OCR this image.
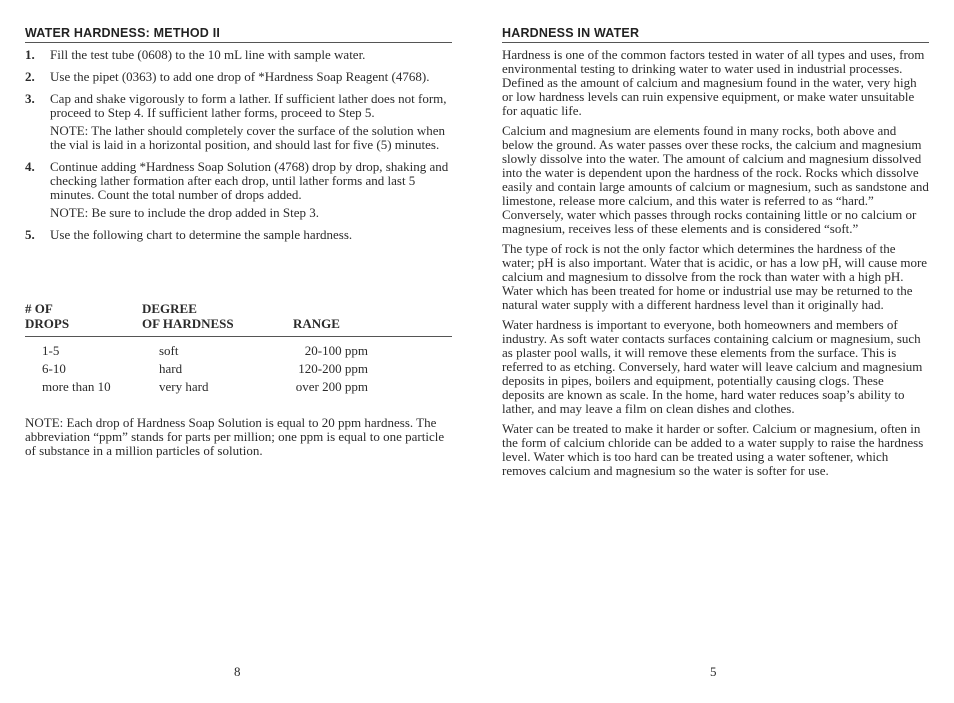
WATER HARDNESS: METHOD II
1. Fill the test tube (0608) to the 10 mL line with sample water.
2. Use the pipet (0363) to add one drop of *Hardness Soap Reagent (4768).
3. Cap and shake vigorously to form a lather. If sufficient lather does not form, proceed to Step 4. If sufficient lather forms, proceed to Step 5.
NOTE: The lather should completely cover the surface of the solution when the vial is laid in a horizontal position, and should last for five (5) minutes.
4. Continue adding *Hardness Soap Solution (4768) drop by drop, shaking and checking lather formation after each drop, until lather forms and last 5 minutes. Count the total number of drops added.
NOTE: Be sure to include the drop added in Step 3.
5. Use the following chart to determine the sample hardness.
# OF
DROPS
DEGREE
OF HARDNESS	RANGE
1-5	soft	20-100 ppm
6-10	hard	120-200 ppm
more than 10	very hard	over 200 ppm
NOTE: Each drop of Hardness Soap Solution is equal to 20 ppm hardness. The abbreviation “ppm” stands for parts per million; one ppm is equal to one particle of substance in a million particles of solution.
8
HARDNESS IN WATER

Hardness is one of the common factors tested in water of all types and uses, from environmental testing to drinking water to water used in industrial processes. Defined as the amount of calcium and magnesium found in the water, very high or low hardness levels can ruin expensive equipment, or make water unsuitable for aquatic life.

Calcium and magnesium are elements found in many rocks, both above and below the ground. As water passes over these rocks, the calcium and magnesium slowly dissolve into the water. The amount of calcium and magnesium dissolved into the water is dependent upon the hardness of the rock. Rocks which dissolve easily and contain large amounts of calcium or magnesium, such as sandstone and limestone, release more calcium, and this water is referred to as “hard.” Conversely, water which passes through rocks containing little or no calcium or magnesium, receives less of these elements and is considered “soft.”

The type of rock is not the only factor which determines the hardness of the water; pH is also important. Water that is acidic, or has a low pH, will cause more calcium and magnesium to dissolve from the rock than water with a high pH. Water which has been treated for home or industrial use may be returned to the natural water supply with a different hardness level than it originally had.

Water hardness is important to everyone, both homeowners and members of industry. As soft water contacts surfaces containing calcium or magnesium, such as plaster pool walls, it will remove these elements from the surface. This is referred to as etching. Conversely, hard water will leave calcium and magnesium deposits in pipes, boilers and equipment, potentially causing clogs. These deposits are known as scale. In the home, hard water reduces soap’s ability to lather, and may leave a film on clean dishes and clothes.

Water can be treated to make it harder or softer. Calcium or magnesium, often in the form of calcium chloride can be added to a water supply to raise the hardness level. Water which is too hard can be treated using a water softener, which removes calcium and magnesium so the water is softer for use.

5
